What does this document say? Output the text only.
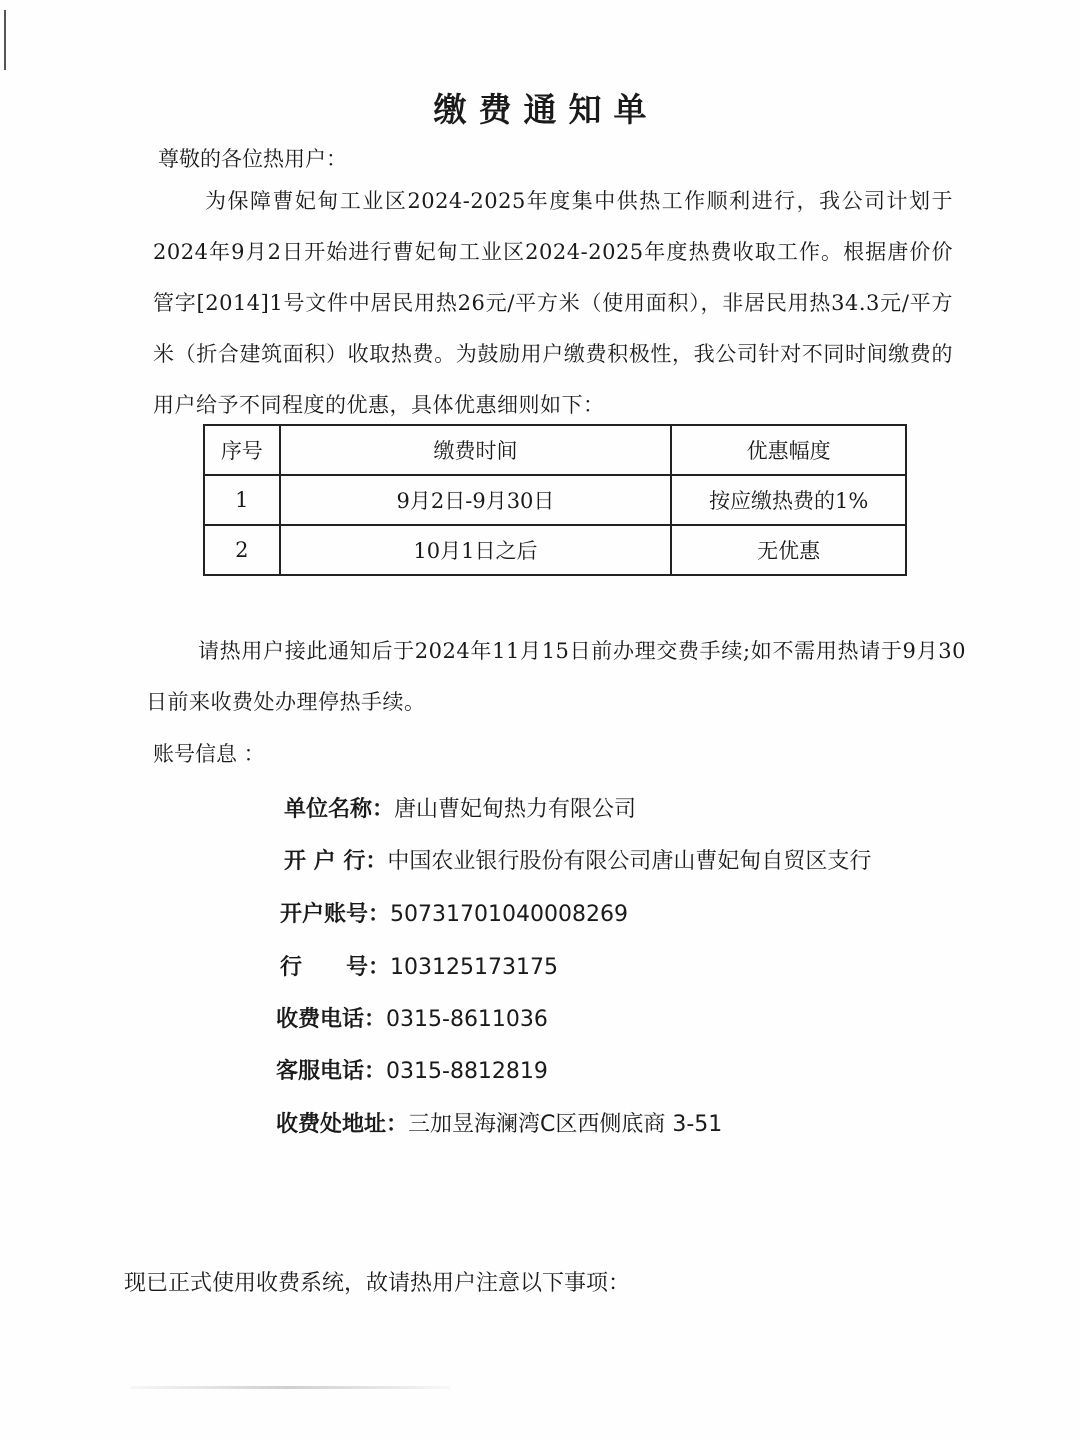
缴费通知单
尊敬的各位热用户：
为保障曹妃甸工业区2024-2025年度集中供热工作顺利进行，我公司计划于2024年9月2日开始进行曹妃甸工业区2024-2025年度热费收取工作。根据唐价价管字[2014]1号文件中居民用热26元/平方米（使用面积），非居民用热34.3元/平方米（折合建筑面积）收取热费。为鼓励用户缴费积极性，我公司针对不同时间缴费的用户给予不同程度的优惠，具体优惠细则如下：
序号	缴费时间	优惠幅度
1	9月2日-9月30日	按应缴热费的1%
2	10月1日之后	无优惠
请热用户接此通知后于2024年11月15日前办理交费手续;如不需用热请于9月30日前来收费处办理停热手续。
账号信息 ：
单位名称：唐山曹妃甸热力有限公司
开 户 行：中国农业银行股份有限公司唐山曹妃甸自贸区支行
开户账号：50731701040008269
行　　号：103125173175
收费电话：0315-8611036
客服电话：0315-8812819
收费处地址：三加昱海澜湾C区西侧底商 3-51
现已正式使用收费系统，故请热用户注意以下事项：
